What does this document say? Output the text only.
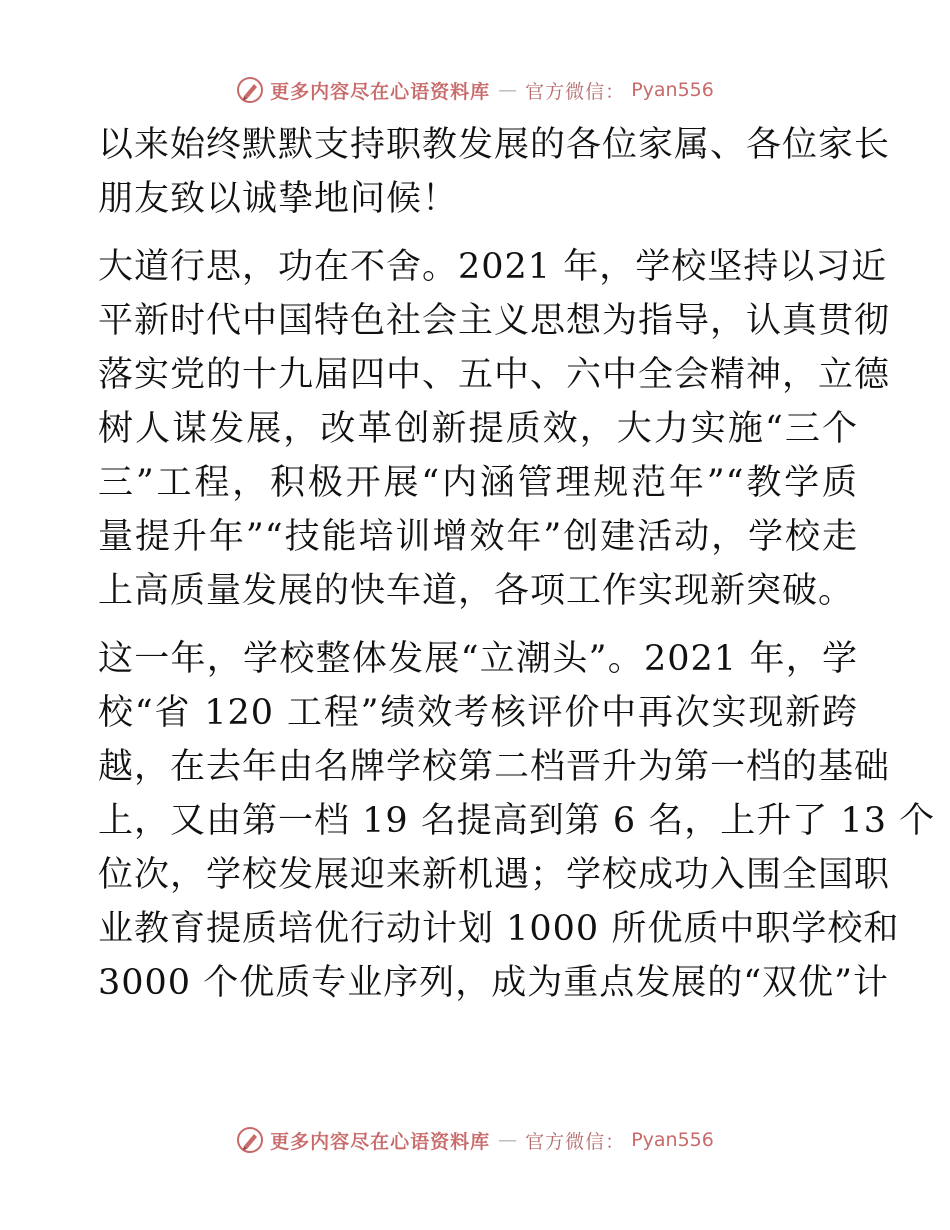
更多内容尽在心语资料库 — 官方微信： Pyan556

以来始终默默支持职教发展的各位家属、各位家长
朋友致以诚挚地问候！

大道行思，功在不舍。2021 年，学校坚持以习近
平新时代中国特色社会主义思想为指导，认真贯彻
落实党的十九届四中、五中、六中全会精神，立德
树人谋发展，改革创新提质效，大力实施“三个
三”工程，积极开展“内涵管理规范年”“教学质
量提升年”“技能培训增效年”创建活动，学校走
上高质量发展的快车道，各项工作实现新突破。

这一年，学校整体发展“立潮头”。2021 年，学
校“省 120 工程”绩效考核评价中再次实现新跨
越，在去年由名牌学校第二档晋升为第一档的基础
上，又由第一档 19 名提高到第 6 名，上升了 13 个
位次，学校发展迎来新机遇；学校成功入围全国职
业教育提质培优行动计划 1000 所优质中职学校和
3000 个优质专业序列，成为重点发展的“双优”计

更多内容尽在心语资料库 — 官方微信： Pyan556
